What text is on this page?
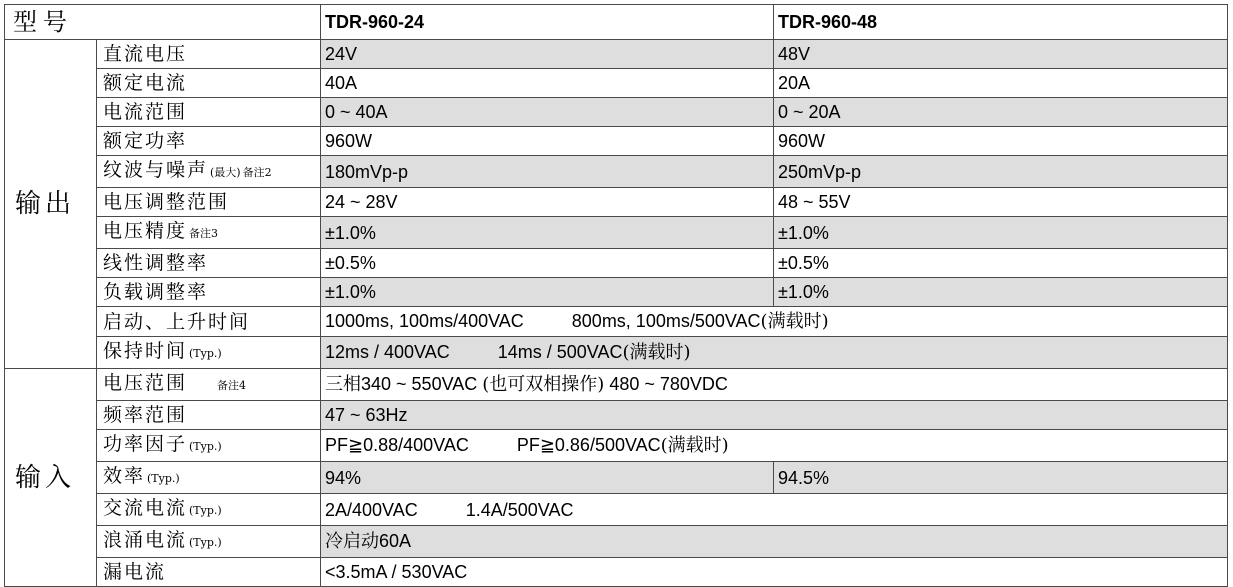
型号		TDR-960-24	TDR-960-48
输出	直流电压	24V	48V
	额定电流	40A	20A
	电流范围	0 ~ 40A	0 ~ 20A
	额定功率	960W	960W
	纹波与噪声 (最大) 备注2	180mVp-p	250mVp-p
	电压调整范围	24 ~ 28V	48 ~ 55V
	电压精度 备注3	±1.0%	±1.0%
	线性调整率	±0.5%	±0.5%
	负载调整率	±1.0%	±1.0%
	启动、上升时间	1000ms, 100ms/400VAC 800ms, 100ms/500VAC(满载时)	
	保持时间 (Typ.)	12ms / 400VAC 14ms / 500VAC(满载时)	
输入	电压范围 备注4	三相340 ~ 550VAC (也可双相操作) 480 ~ 780VDC	
	频率范围	47 ~ 63Hz	
	功率因子 (Typ.)	PF≧0.88/400VAC PF≧0.86/500VAC(满载时)	
	效率 (Typ.)	94%	94.5%
	交流电流 (Typ.)	2A/400VAC 1.4A/500VAC	
	浪涌电流 (Typ.)	冷启动60A	
	漏电流	<3.5mA / 530VAC	
